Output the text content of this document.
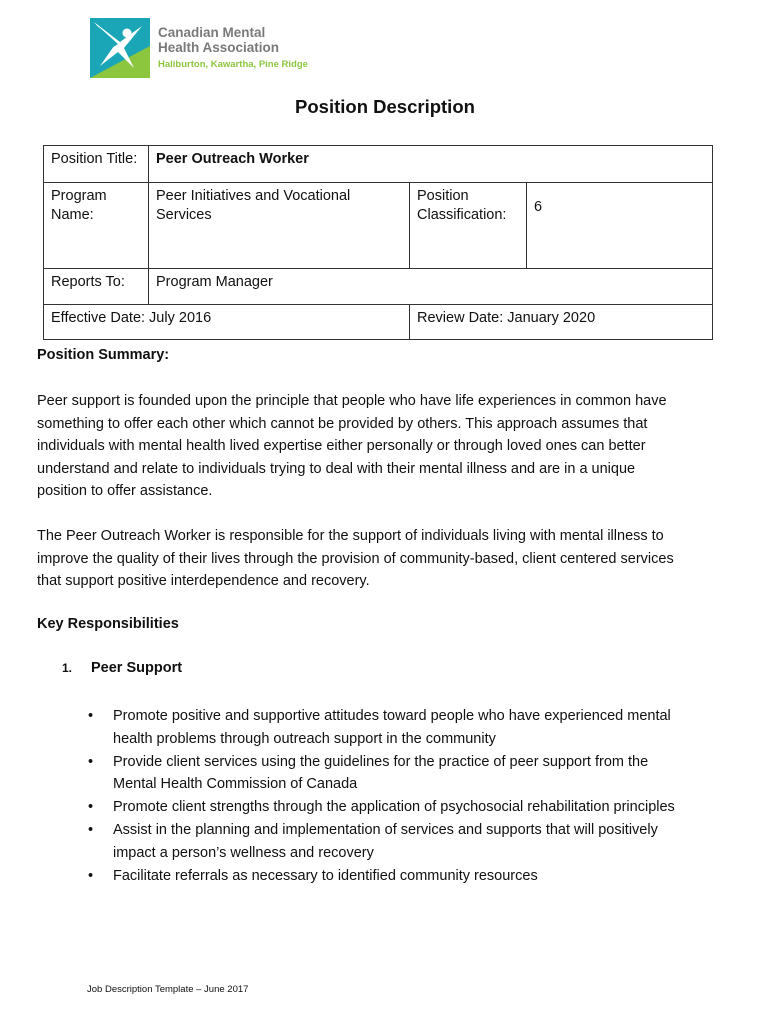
Canadian Mental
Health Association
Haliburton, Kawartha, Pine Ridge
Position Description
Position Title:	Peer Outreach Worker		
Program Name:	Peer Initiatives and Vocational Services	Position Classification:	6
Reports To:	Program Manager		
Effective Date: July 2016		Review Date: January 2020	
Position Summary:
Peer support is founded upon the principle that people who have life experiences in common have something to offer each other which cannot be provided by others. This approach assumes that individuals with mental health lived expertise either personally or through loved ones can better understand and relate to individuals trying to deal with their mental illness and are in a unique position to offer assistance.
The Peer Outreach Worker is responsible for the support of individuals living with mental illness to improve the quality of their lives through the provision of community-based, client centered services that support positive interdependence and recovery.
Key Responsibilities
1. Peer Support
• Promote positive and supportive attitudes toward people who have experienced mental health problems through outreach support in the community
• Provide client services using the guidelines for the practice of peer support from the Mental Health Commission of Canada
• Promote client strengths through the application of psychosocial rehabilitation principles
• Assist in the planning and implementation of services and supports that will positively impact a person’s wellness and recovery
• Facilitate referrals as necessary to identified community resources
Job Description Template – June 2017
